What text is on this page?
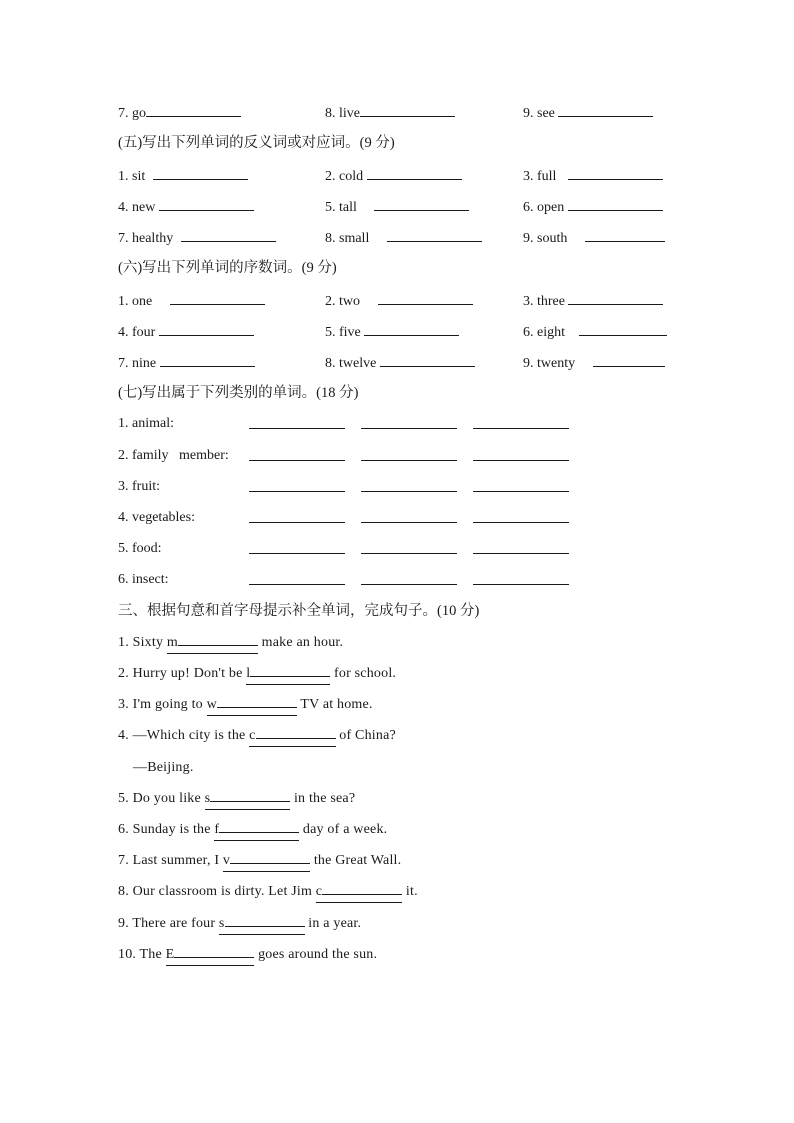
7. go	8. live	9. see
(五)写出下列单词的反义词或对应词。(9 分)
1. sit	2. cold	3. full
4. new	5. tall	6. open
7. healthy	8. small	9. south
(六)写出下列单词的序数词。(9 分)
1. one	2. two	3. three
4. four	5. five	6. eight
7. nine	8. twelve	9. twenty
(七)写出属于下列类别的单词。(18 分)
1. animal:
2. family   member:
3. fruit:
4. vegetables:
5. food:
6. insect:
三、根据句意和首字母提示补全单词，完成句子。(10 分)
1. Sixty m	make an hour.
2. Hurry up! Don't be l	for school.
3. I'm going to w	TV at home.
4. —Which city is the c	of China?
—Beijing.
5. Do you like s	in the sea?
6. Sunday is the f	day of a week.
7. Last summer, I v	the Great Wall.
8. Our classroom is dirty. Let Jim c	it.
9. There are four s	in a year.
10. The E	goes around the sun.
